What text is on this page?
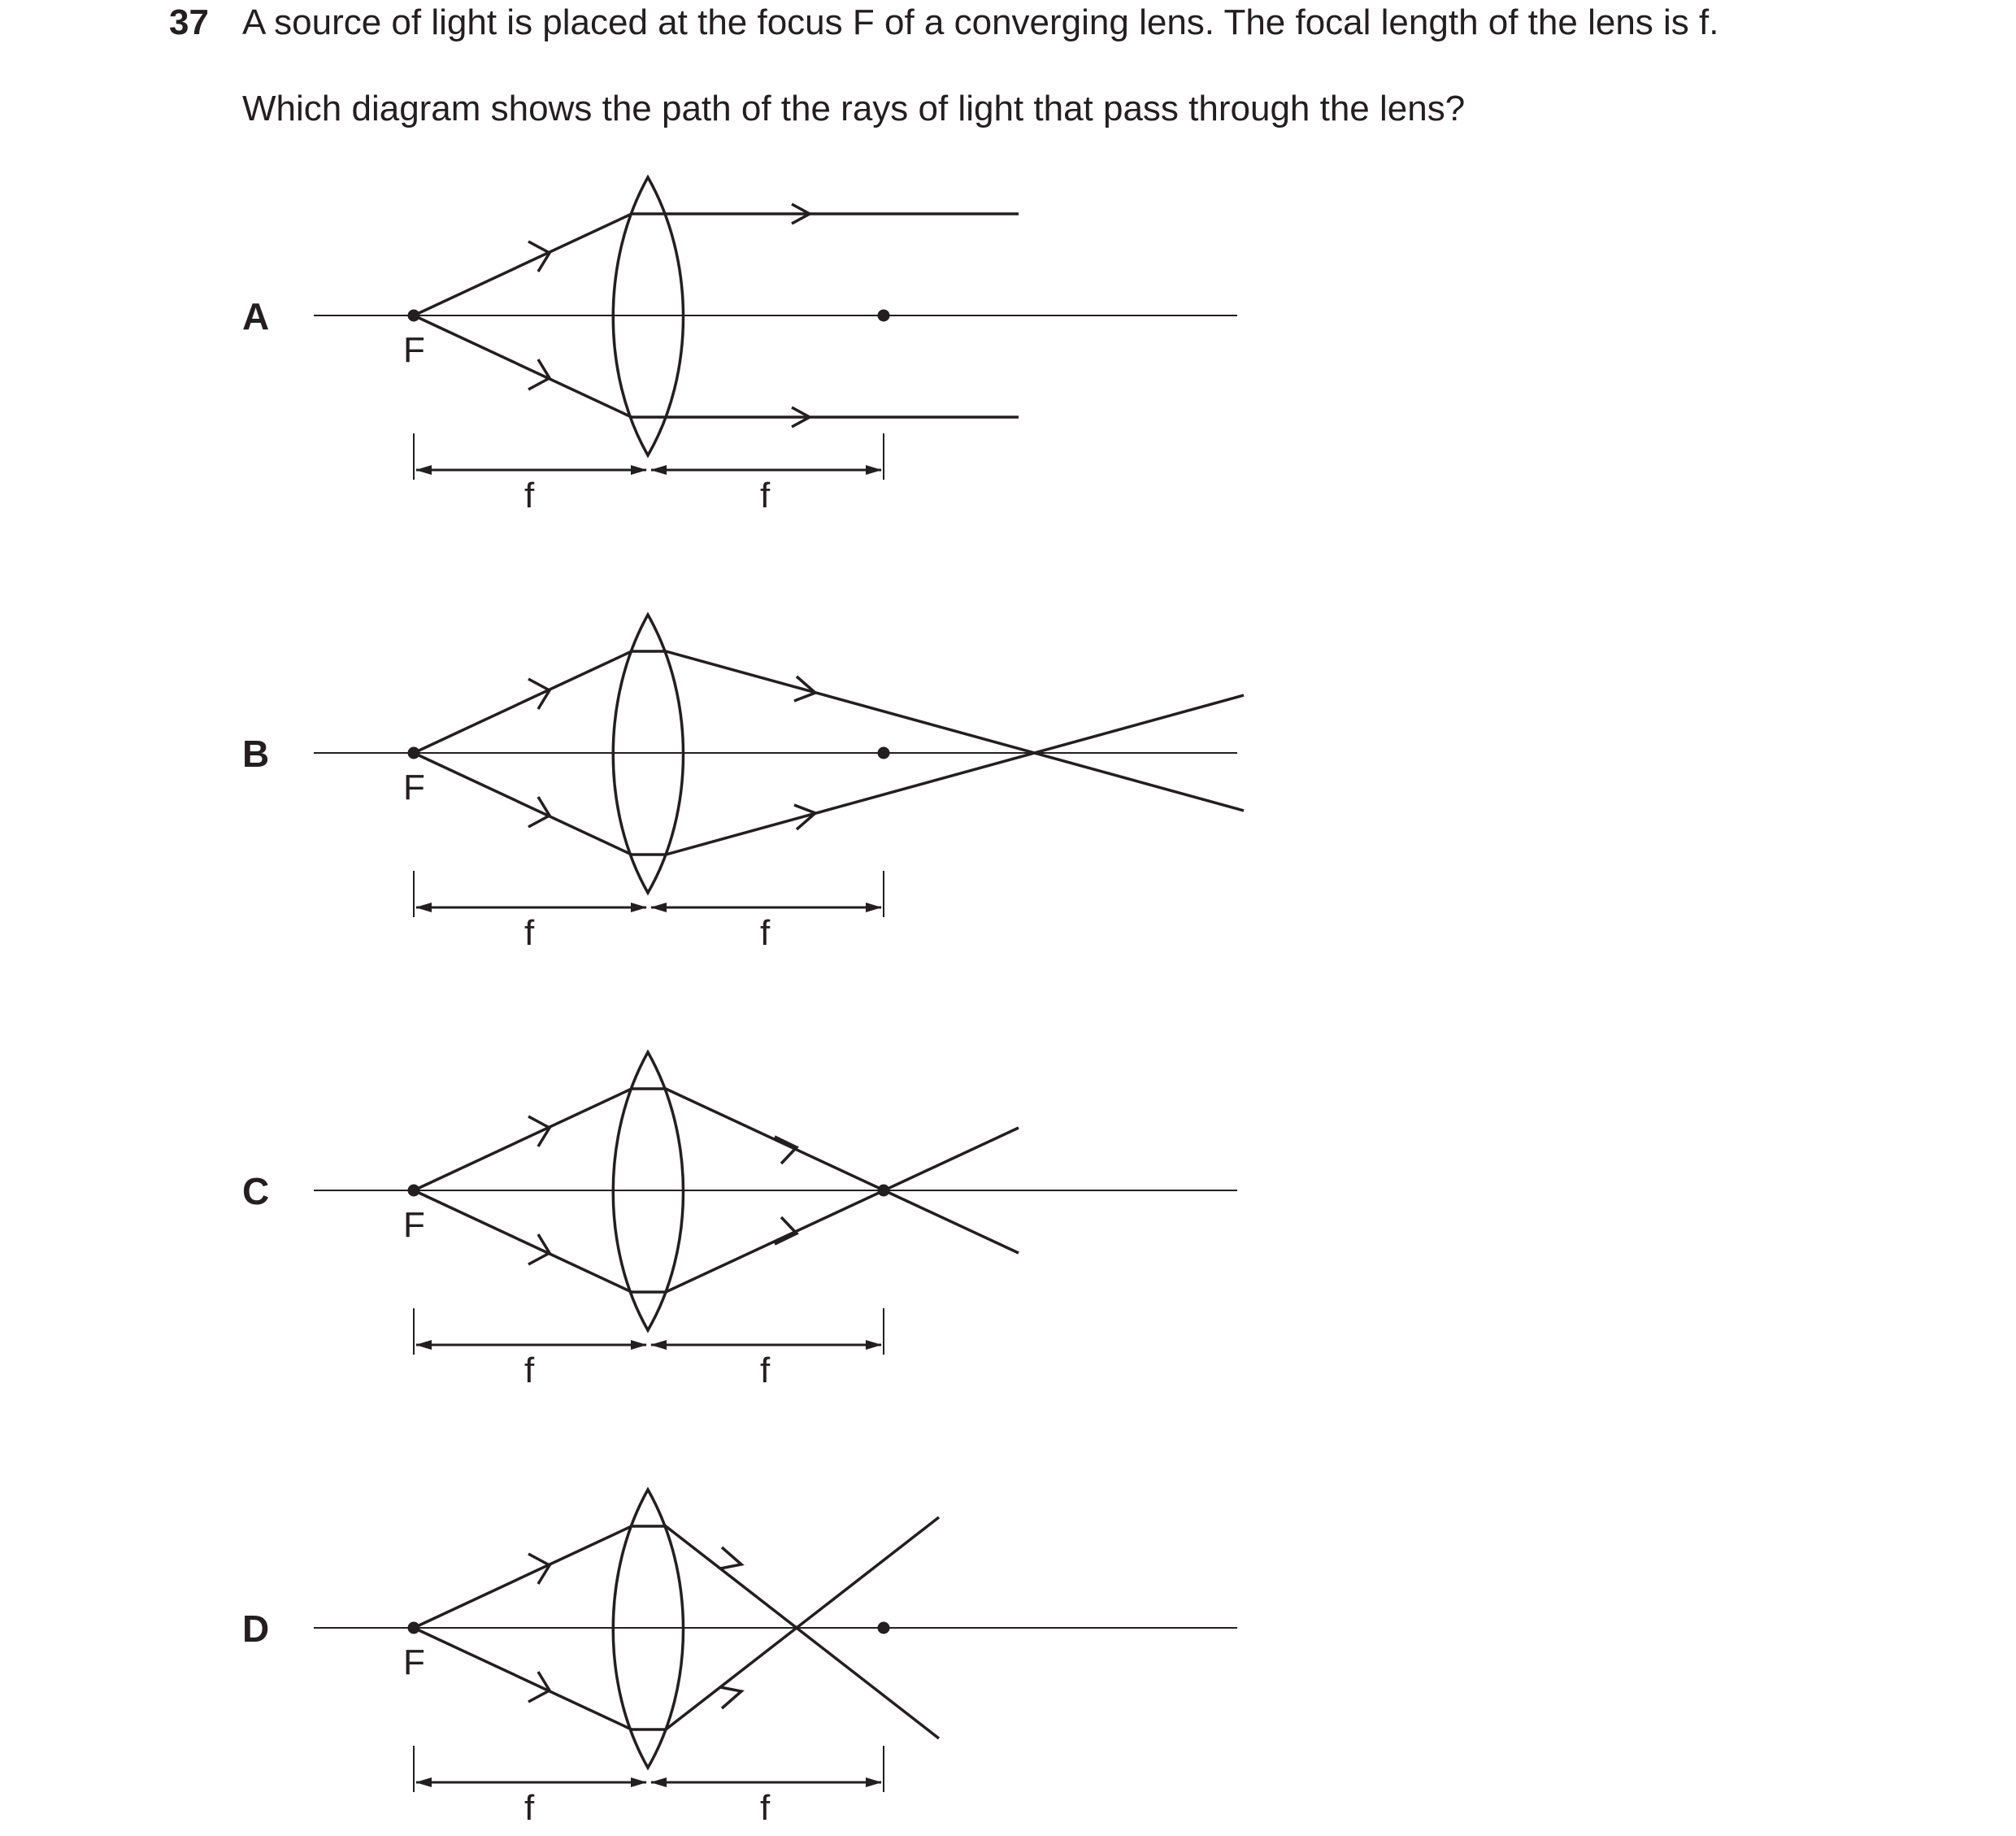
37 A source of light is placed at the focus F of a converging lens. The focal length of the lens is f.
Which diagram shows the path of the rays of light that pass through the lens?
A
F
f	f
B
F
f	f
C
F
f	f
D
F
f	f
